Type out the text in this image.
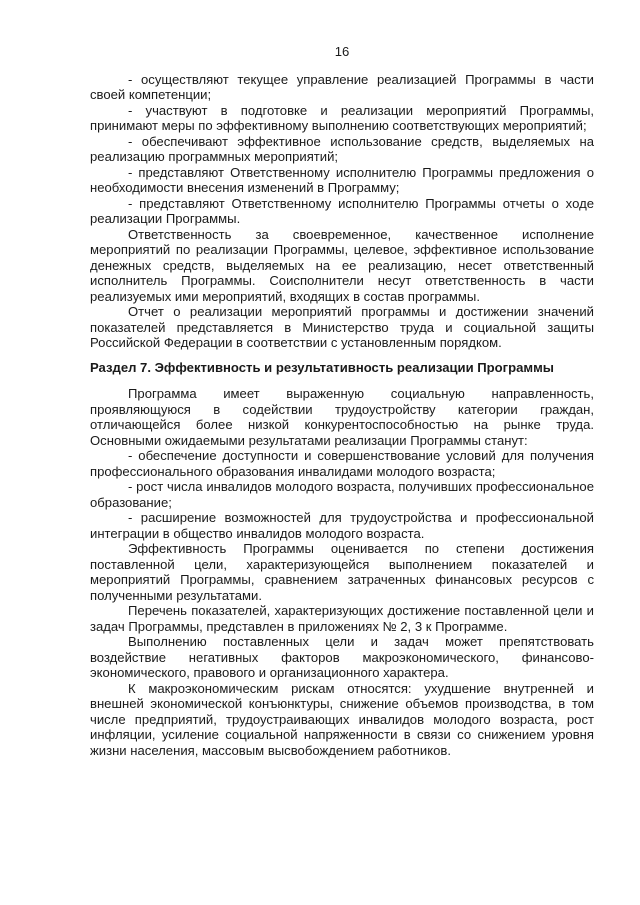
16

- осуществляют текущее управление реализацией Программы в части своей компетенции;

- участвуют в подготовке и реализации мероприятий Программы, принимают меры по эффективному выполнению соответствующих мероприятий;

- обеспечивают эффективное использование средств, выделяемых на реализацию программных мероприятий;

- представляют Ответственному исполнителю Программы предложения о необходимости внесения изменений в Программу;

- представляют Ответственному исполнителю Программы отчеты о ходе реализации Программы.

Ответственность за своевременное, качественное исполнение мероприятий по реализации Программы, целевое, эффективное использование денежных средств, выделяемых на ее реализацию, несет ответственный исполнитель Программы. Соисполнители несут ответственность в части реализуемых ими мероприятий, входящих в состав программы.

Отчет о реализации мероприятий программы и достижении значений показателей представляется в Министерство труда и социальной защиты Российской Федерации в соответствии с установленным порядком.

Раздел 7. Эффективность и результативность реализации Программы

Программа имеет выраженную социальную направленность, проявляющуюся в содействии трудоустройству категории граждан, отличающейся более низкой конкурентоспособностью на рынке труда. Основными ожидаемыми результатами реализации Программы станут:

- обеспечение доступности и совершенствование условий для получения профессионального образования инвалидами молодого возраста;

- рост числа инвалидов молодого возраста, получивших профессиональное образование;

- расширение возможностей для трудоустройства и профессиональной интеграции в общество инвалидов молодого возраста.

Эффективность Программы оценивается по степени достижения поставленной цели, характеризующейся выполнением показателей и мероприятий Программы, сравнением затраченных финансовых ресурсов с полученными результатами.

Перечень показателей, характеризующих достижение поставленной цели и задач Программы, представлен в приложениях № 2, 3 к Программе.

Выполнению поставленных цели и задач может препятствовать воздействие негативных факторов макроэкономического, финансово-экономического, правового и организационного характера.

К макроэкономическим рискам относятся: ухудшение внутренней и внешней экономической конъюнктуры, снижение объемов производства, в том числе предприятий, трудоустраивающих инвалидов молодого возраста, рост инфляции, усиление социальной напряженности в связи со снижением уровня жизни населения, массовым высвобождением работников.
